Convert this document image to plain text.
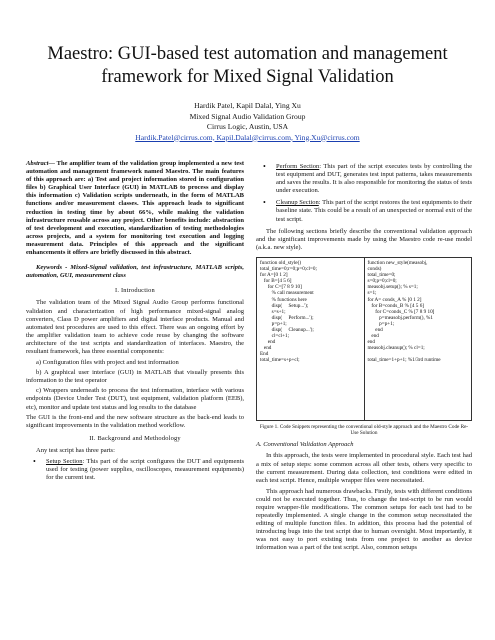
Maestro: GUI-based test automation and management framework for Mixed Signal Validation
Hardik Patel, Kapil Dalal, Ying Xu
Mixed Signal Audio Validation Group
Cirrus Logic, Austin, USA
Hardik.Patel@cirrus.com, Kapil.Dalal@cirrus.com, Ying.Xu@cirrus.com

Abstract— The amplifier team of the validation group implemented a new test automation and management framework named Maestro. The main features of this approach are: a) Test and project information stored in configuration files b) Graphical User Interface (GUI) in MATLAB to process and display this information c) Validation scripts underneath, in the form of MATLAB functions and/or measurement classes. This approach leads to significant reduction in testing time by about 66%, while making the validation infrastructure reusable across any project. Other benefits include: abstraction of test development and execution, standardization of testing methodologies across projects, and a system for monitoring test execution and logging measurement data. Principles of this approach and the significant enhancements it offers are briefly discussed in this abstract.

Keywords - Mixed-Signal validation, test infrastructure, MATLAB scripts, automation, GUI, measurement class

I. Introduction

The validation team of the Mixed Signal Audio Group performs functional validation and characterization of high performance mixed-signal analog converters, Class D power amplifiers and digital interface products. Manual and automated test procedures are used to this effect. There was an ongoing effort by the amplifier validation team to achieve code reuse by changing the software architecture of the test scripts and standardization of interfaces. Maestro, the resultant framework, has three essential components:

a) Configuration files with project and test information

b) A graphical user interface (GUI) in MATLAB that visually presents this information to the test operator

c) Wrappers underneath to process the test information, interface with various endpoints (Device Under Test (DUT), test equipment, validation platform (EEB), etc), monitor and update test status and log results to the database

The GUI is the front-end and the new software structure as the back-end leads to significant improvements in the validation method workflow.

II. Background and Methodology

Any test script has three parts:

• Setup Section: This part of the script configures the DUT and equipments used for testing (power supplies, oscilloscopes, measurement equipments) for the current test.
• Perform Section: This part of the script executes tests by controlling the test equipment and DUT, generates test input patterns, takes measurements and saves the results. It is also responsible for monitoring the status of tests under execution.
• Cleanup Section: This part of the script restores the test equipments to their baseline state. This could be a result of an unexpected or normal exit of the test script.

The following sections briefly describe the conventional validation approach and the significant improvements made by using the Maestro code re-use model (a.k.a. new style).

function old_style()
total_time=0;r=0;p=0;cl=0;
for A=[0 1 2]
for B=[4 5 6]
for C=[7 8 9 10]
% call measurement
% functions here
disp(     Setup...');
s=s+1;
disp(     Perform...');
p=p+1;
disp(     Cleanup...');
cl=cl+1;
end
end
End
total_time=s+p+cl;
function new_style(measobj,
conds)
total_time=0;
s=0;p=0;cl=0;
measobj.setup(); % s=1;
s=1;
for A= conds_A % [0 1 2]
for B=conds_B % [4 5 6]
for C=conds_C % [7 8 9 10]
p=measobj.perform(), %1
p=p+1;
end
end
end
measobj.cleanup(); % cl=1;

total_time=1+p+1; %1/3rd runtime
Figure 1. Code Snippets representing the conventional old-style approach and the Maestro Code Re-Use Solution
A. Conventional Validation Approach

In this approach, the tests were implemented in procedural style. Each test had a mix of setup steps: some common across all other tests, others very specific to the current measurement. During data collection, test conditions were edited in each test script. Hence, multiple wrapper files were necessitated.

This approach had numerous drawbacks. Firstly, tests with different conditions could not be executed together. Thus, to change the test-script to be run would require wrapper-file modifications. The common setups for each test had to be repeatedly implemented. A single change in the common setup necessitated the editing of multiple function files. In addition, this process had the potential of introducing bugs into the test script due to human oversight. Most importantly, it was not easy to port existing tests from one project to another as device information was a part of the test script. Also, common setups
